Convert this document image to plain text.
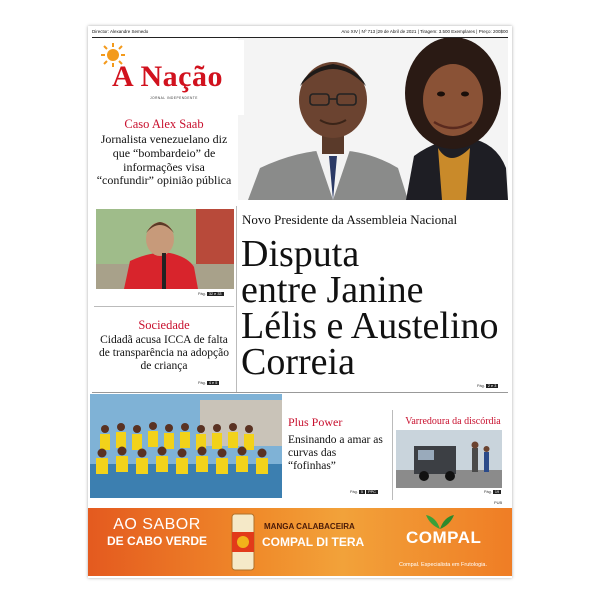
Director: Alexandre Semedo	Ano XIV | Nº 713 |29 de Abril de 2021 | Tiragem: 3.500 Exemplares | Preço: 200$00
A Nação
JORNAL INDEPENDENTE
Caso Alex Saab
Jornalista venezuelano diz que “bombardeio” de informações visa “confundir” opinião pública
Pág. 32 e 33
Sociedade
Cidadã acusa ICCA de falta de transparência na adopção de criança
Pág. 4 e 5
Novo Presidente da Assembleia Nacional
Disputa
entre Janine
Lélis e Austelino
Correia
Pág. 2 e 3
Plus Power
Ensinando a amar as curvas das “fofinhas”
Pág. 5 PPC
Varredoura da discórdia
Pág. 19
PUB
AO SABOR
DE CABO VERDE
MANGA CALABACEIRA
COMPAL DI TERA	COMPAL
Compal. Especialista em Frutologia.
